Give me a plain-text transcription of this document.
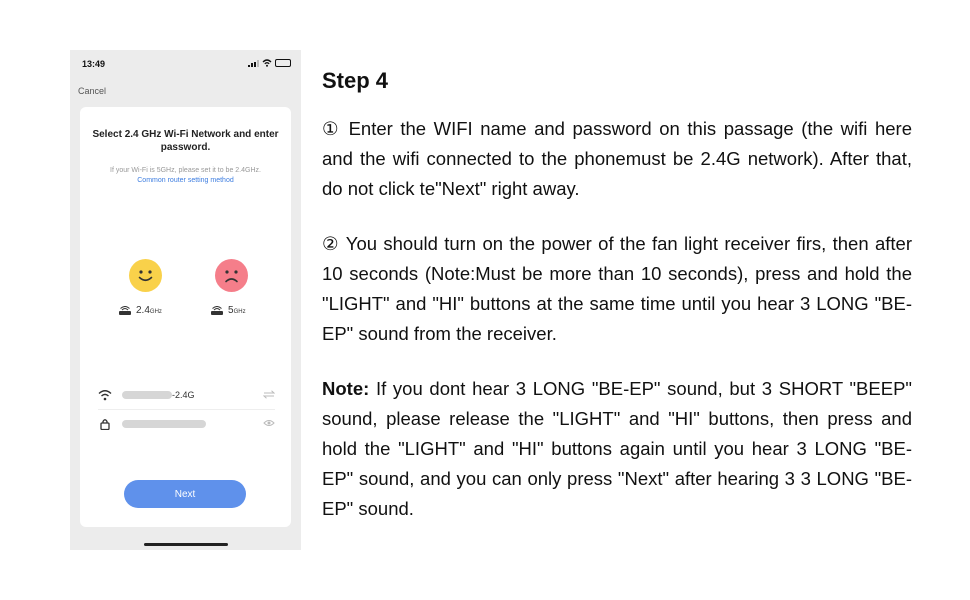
13:49
Cancel
Select 2.4 GHz Wi-Fi Network and enter password.
If your Wi-Fi is 5GHz, please set it to be 2.4GHz. Common router setting method
2.4GHz	5GHz
-2.4G
Next
Step 4

① Enter the WIFI name and password on this passage (the wifi here and the wifi connected to the phonemust be 2.4G network). After that, do not click te"Next" right away.

② You should turn on the power of the fan light receiver firs, then after 10 seconds (Note:Must be more than 10 seconds), press and hold the "LIGHT" and "HI" buttons at the same time until you hear 3 LONG "BE-EP" sound from the receiver.

Note: If you dont hear 3 LONG "BE-EP" sound, but 3 SHORT "BEEP" sound, please release the "LIGHT" and "HI" buttons, then press and hold the "LIGHT" and "HI" buttons again until you hear 3 LONG "BE-EP" sound, and you can only press "Next" after hearing 3 3 LONG "BE-EP" sound.
